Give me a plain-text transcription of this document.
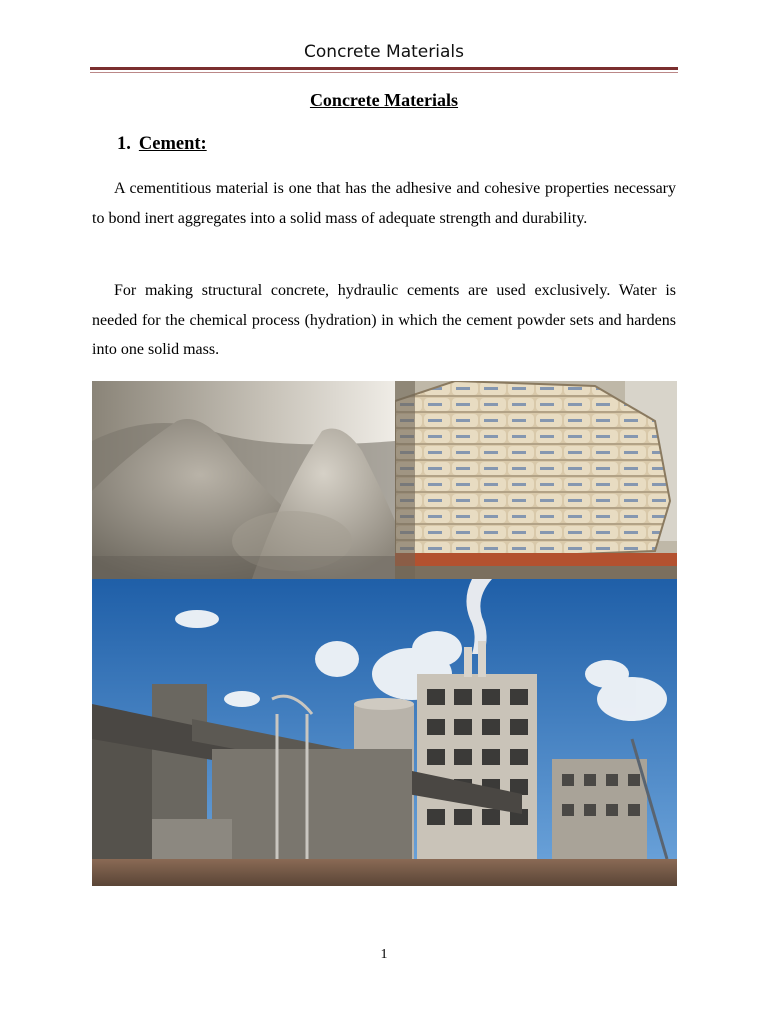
Concrete Materials
Concrete Materials
1. Cement:
A cementitious material is one that has the adhesive and cohesive properties necessary to bond inert aggregates into a solid mass of adequate strength and durability.
For making structural concrete, hydraulic cements are used exclusively. Water is needed for the chemical process (hydration) in which the cement powder sets and hardens into one solid mass.
1
